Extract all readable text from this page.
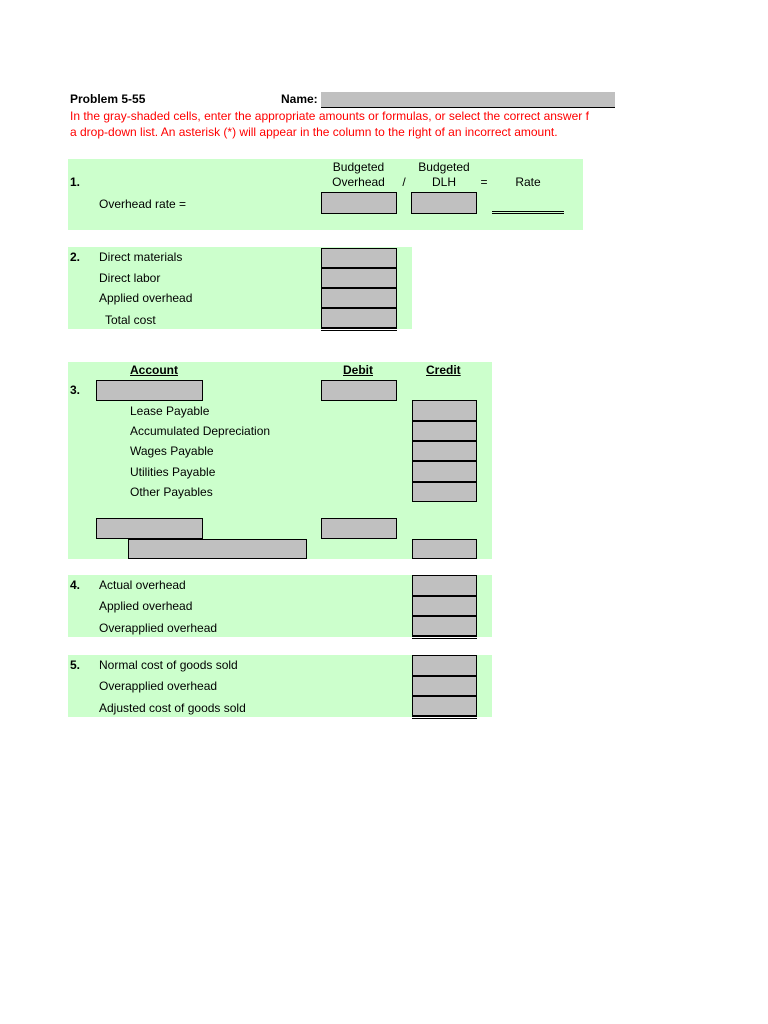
Problem 5-55	Name:
In the gray-shaded cells, enter the appropriate amounts or formulas, or select the correct answer f
a drop-down list. An asterisk (*) will appear in the column to the right of an incorrect amount.
1.
Budgeted
Overhead	/
Budgeted
DLH	=	Rate
Overhead rate =
2. Direct materials
Direct labor
Applied overhead
Total cost
Account	Debit	Credit
3.
Lease Payable
Accumulated Depreciation
Wages Payable
Utilities Payable
Other Payables
4. Actual overhead
Applied overhead
Overapplied overhead
5. Normal cost of goods sold
Overapplied overhead
Adjusted cost of goods sold
